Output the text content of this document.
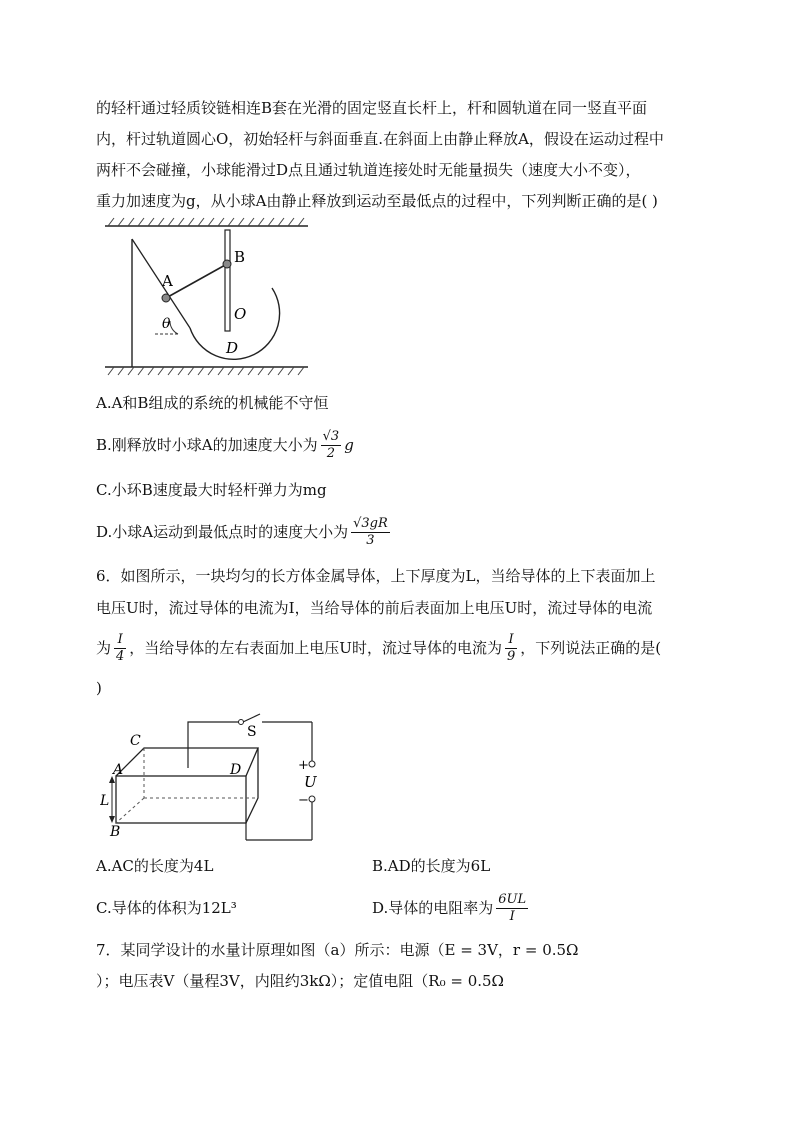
的轻杆通过轻质铰链相连B套在光滑的固定竖直长杆上，杆和圆轨道在同一竖直平面
内，杆过轨道圆心O，初始轻杆与斜面垂直.在斜面上由静止释放A，假设在运动过程中
两杆不会碰撞，小球能滑过D点且通过轨道连接处时无能量损失（速度大小不变），
重力加速度为g，从小球A由静止释放到运动至最低点的过程中，下列判断正确的是( )
A
B
O
D
θ
A.A和B组成的系统的机械能不守恒
B.刚释放时小球A的加速度大小为 $\frac{√3}{2}$ g
C.小环B速度最大时轻杆弹力为mg
D.小球A运动到最低点时的速度大小为 $\frac{√3gR}{3}$
6．如图所示，一块均匀的长方体金属导体，上下厚度为L，当给导体的上下表面加上
电压U时，流过导体的电流为I，当给导体的前后表面加上电压U时，流过导体的电流
为 $\frac{I}{4}$ ，当给导体的左右表面加上电压U时，流过导体的电流为 $\frac{I}{9}$ ，下列说法正确的是(
)
C
A	D
L
B
S
+
U
−
A.AC的长度为4L	B.AD的长度为6L
C.导体的体积为12L³	D.导体的电阻率为 $\frac{6UL}{I}$
7．某同学设计的水量计原理如图（a）所示：电源（E = 3V，r = 0.5Ω
）；电压表V（量程3V，内阻约3kΩ）；定值电阻（R₀ = 0.5Ω
